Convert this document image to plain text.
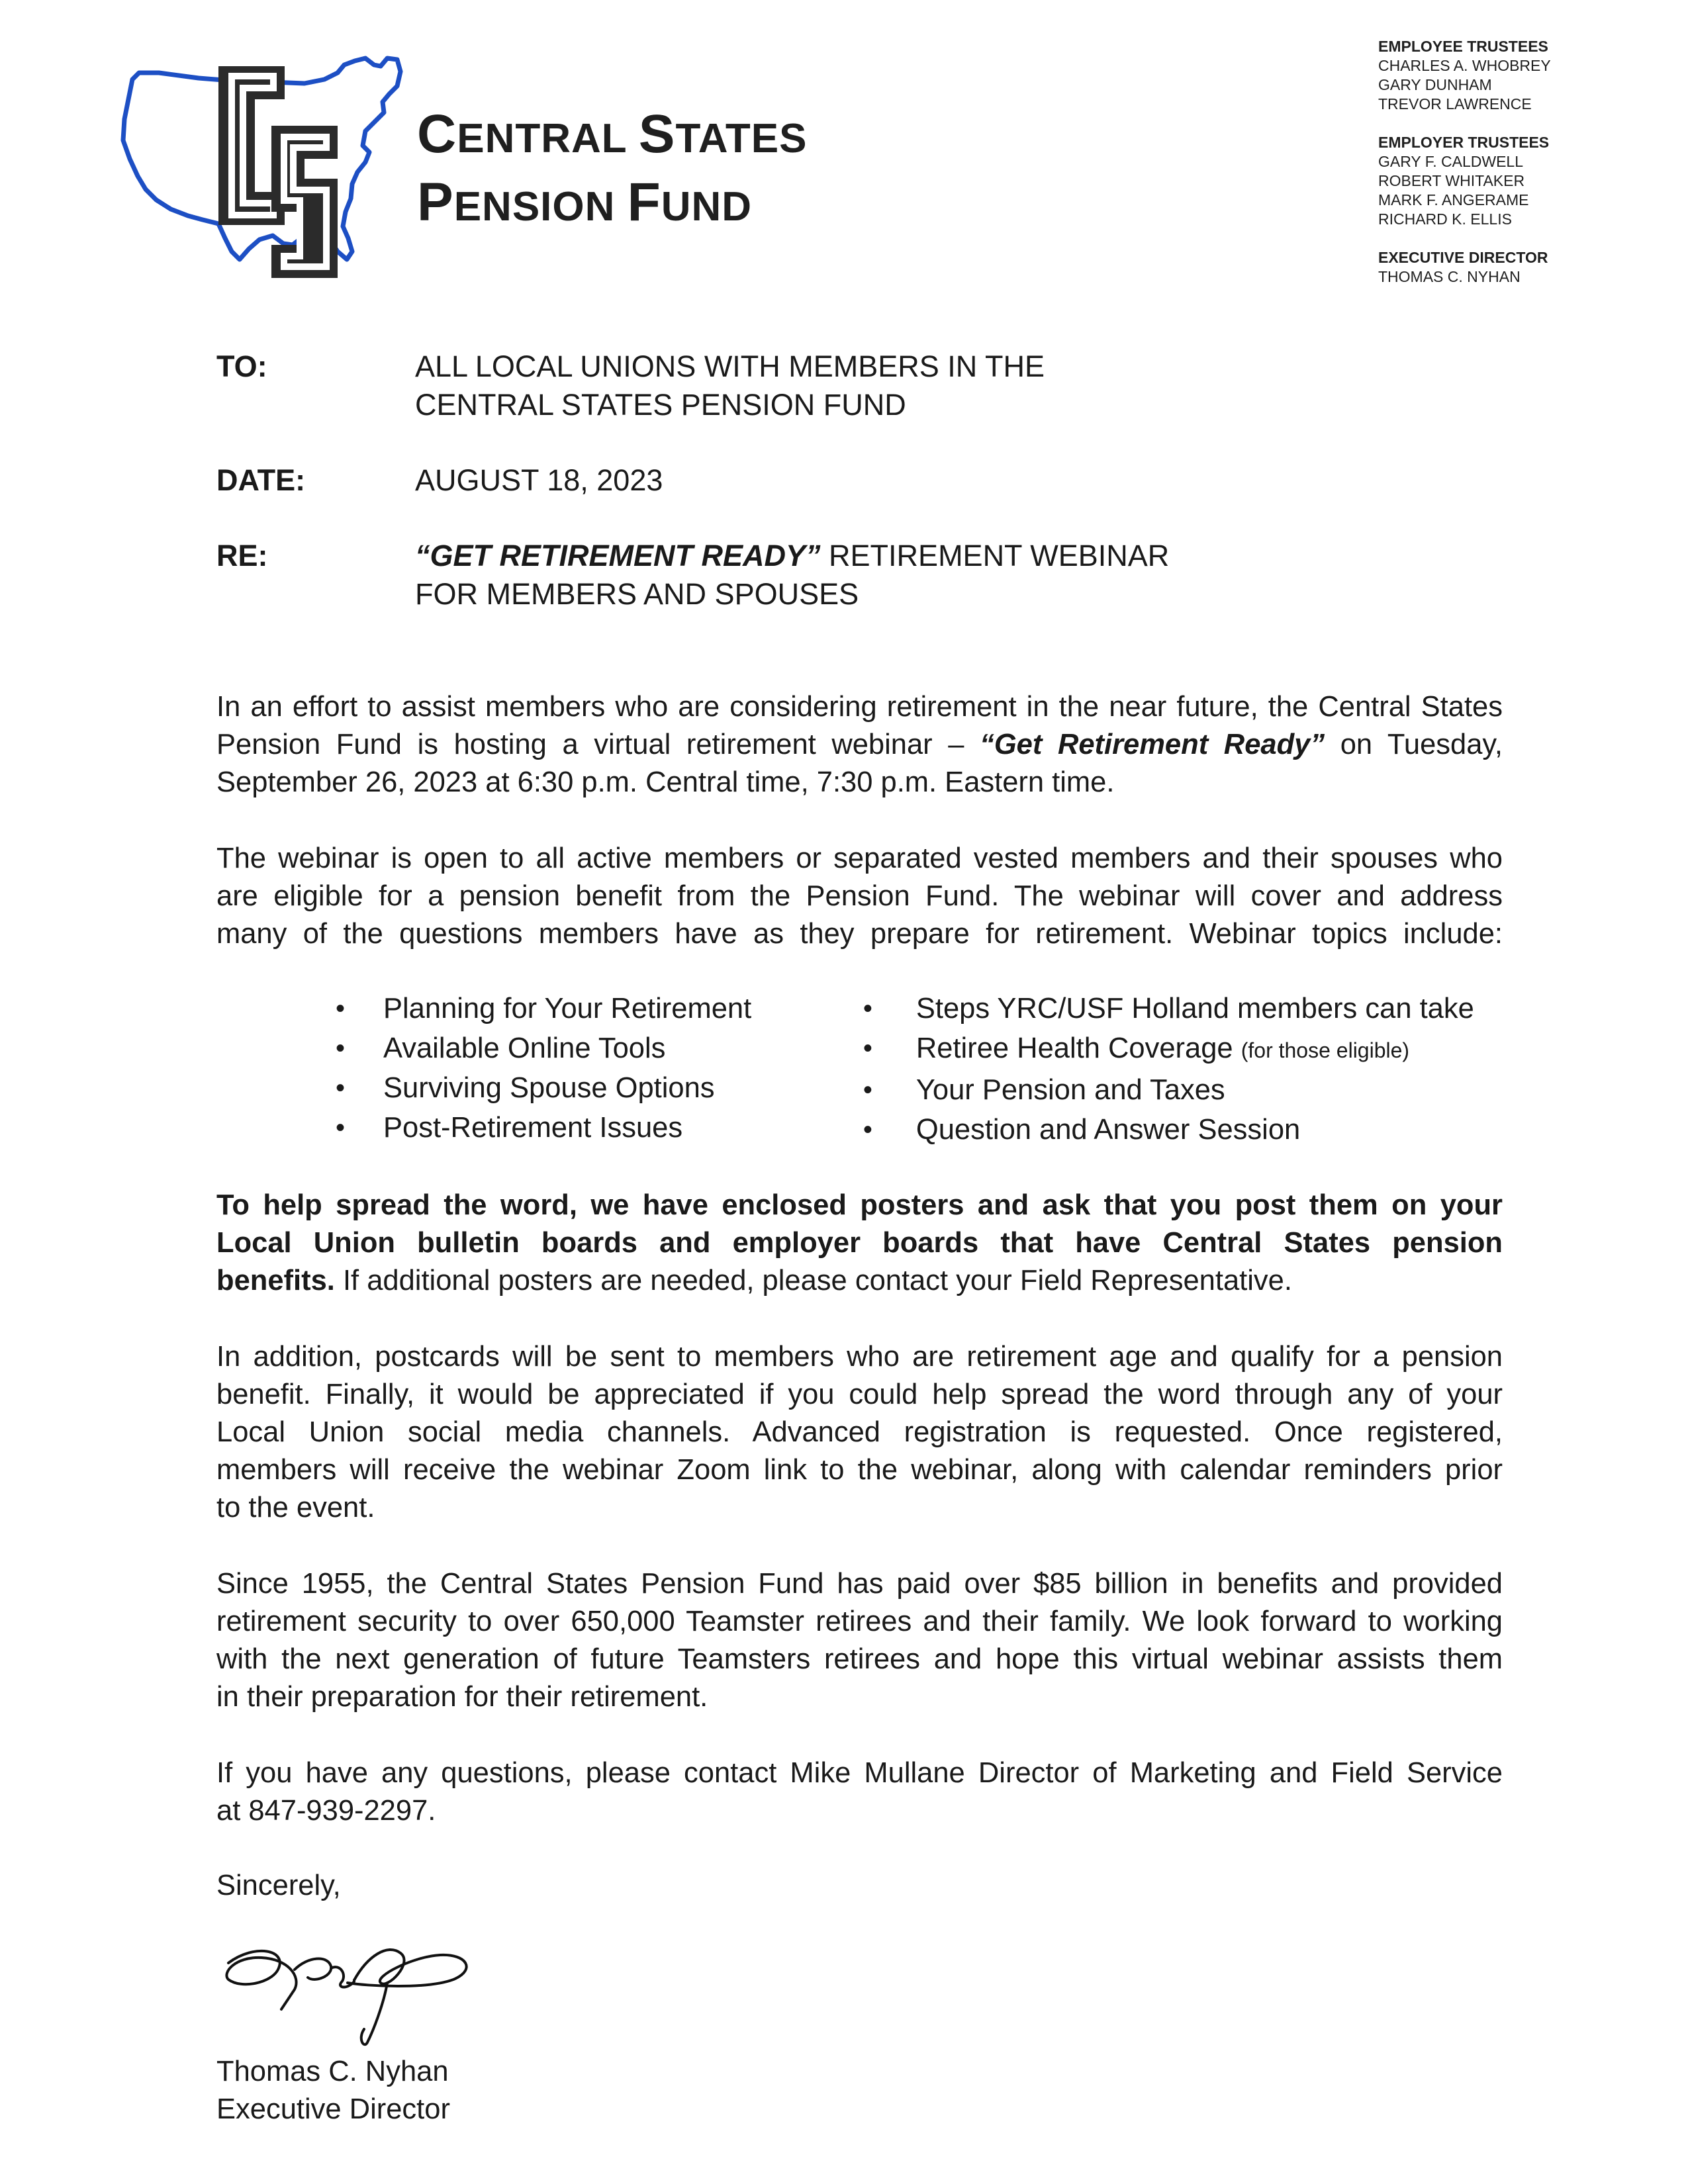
CENTRAL STATES
PENSION FUND
EMPLOYEE TRUSTEES
CHARLES A. WHOBREY
GARY DUNHAM
TREVOR LAWRENCE
EMPLOYER TRUSTEES
GARY F. CALDWELL
ROBERT WHITAKER
MARK F. ANGERAME
RICHARD K. ELLIS
EXECUTIVE DIRECTOR
THOMAS C. NYHAN
TO:	ALL LOCAL UNIONS WITH MEMBERS IN THE
CENTRAL STATES PENSION FUND
DATE:	AUGUST 18, 2023
RE:	“GET RETIREMENT READY” RETIREMENT WEBINAR
FOR MEMBERS AND SPOUSES
In an effort to assist members who are considering retirement in the near future, the Central States
Pension Fund is hosting a virtual retirement webinar – “Get Retirement Ready” on Tuesday,
September 26, 2023 at 6:30 p.m. Central time, 7:30 p.m. Eastern time.
The webinar is open to all active members or separated vested members and their spouses who
are eligible for a pension benefit from the Pension Fund. The webinar will cover and address
many of the questions members have as they prepare for retirement. Webinar topics include:
• Planning for Your Retirement
• Available Online Tools
• Surviving Spouse Options
• Post-Retirement Issues
• Steps YRC/USF Holland members can take
• Retiree Health Coverage (for those eligible)
• Your Pension and Taxes
• Question and Answer Session
To help spread the word, we have enclosed posters and ask that you post them on your
Local Union bulletin boards and employer boards that have Central States pension
benefits. If additional posters are needed, please contact your Field Representative.
In addition, postcards will be sent to members who are retirement age and qualify for a pension
benefit. Finally, it would be appreciated if you could help spread the word through any of your
Local Union social media channels. Advanced registration is requested. Once registered,
members will receive the webinar Zoom link to the webinar, along with calendar reminders prior
to the event.
Since 1955, the Central States Pension Fund has paid over $85 billion in benefits and provided
retirement security to over 650,000 Teamster retirees and their family. We look forward to working
with the next generation of future Teamsters retirees and hope this virtual webinar assists them
in their preparation for their retirement.
If you have any questions, please contact Mike Mullane Director of Marketing and Field Service
at 847-939-2297.
Sincerely,
Thomas C. Nyhan
Executive Director
